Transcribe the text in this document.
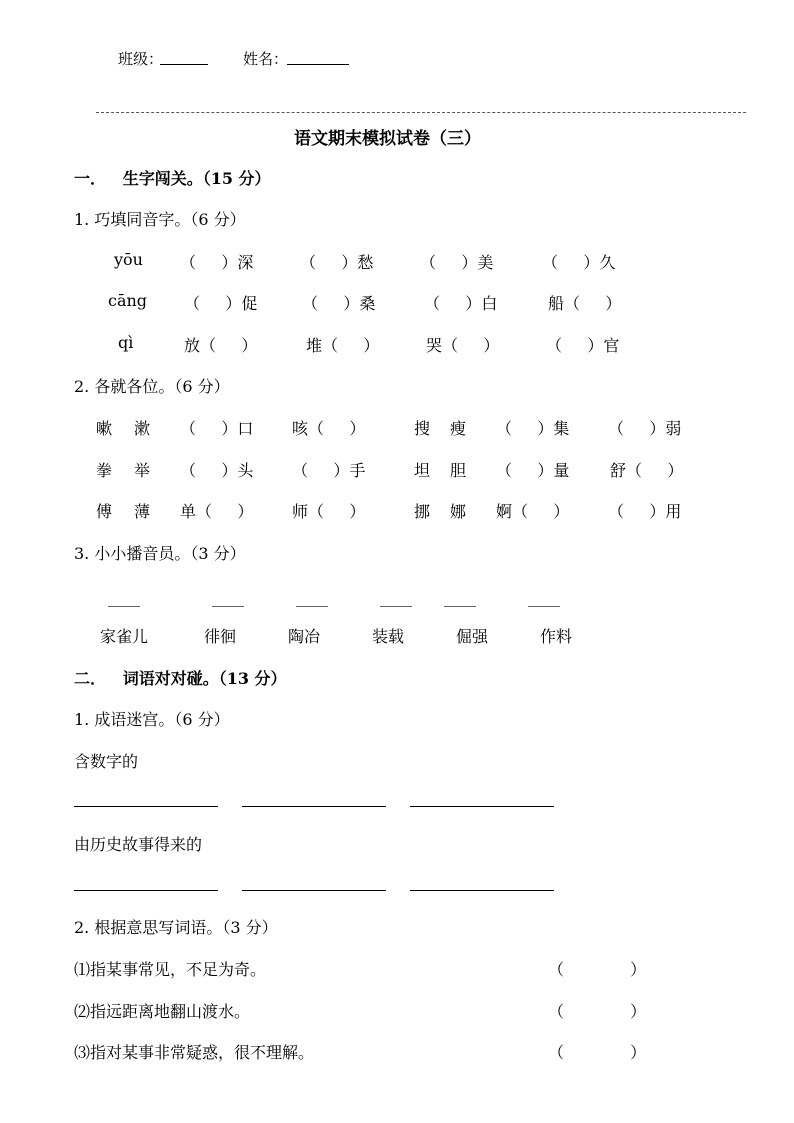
班级：	姓名：
语文期末模拟试卷（三）
一．   生字闯关。（15 分）
1. 巧填同音字。（6 分）
yōu （     ）深	（     ）愁	（     ）美	（     ）久
cāng （     ）促	（     ）桑	（     ）白	船（     ）
qì	放（     ）	堆（     ）	哭（     ）	（     ）官
2. 各就各位。（6 分）
嗽 漱 （     ）口 咳（     ）	搜 瘦 （     ）集 （     ）弱
拳 举 （     ）头 （     ）手	坦 胆 （     ）量	舒（     ）
傅 薄 单（     ） 师（     ）	挪 娜 婀（     ） （     ）用
3. 小小播音员。（3 分）
____	____	____	____ ____	____
家雀儿	徘徊	陶冶	装载	倔强	作料
二．   词语对对碰。（13 分）
1. 成语迷宫。（6 分）
含数字的
由历史故事得来的
2. 根据意思写词语。（3 分）
⑴指某事常见，不足为奇。	（             ）
⑵指远距离地翻山渡水。	（             ）
⑶指对某事非常疑惑，很不理解。	（             ）
